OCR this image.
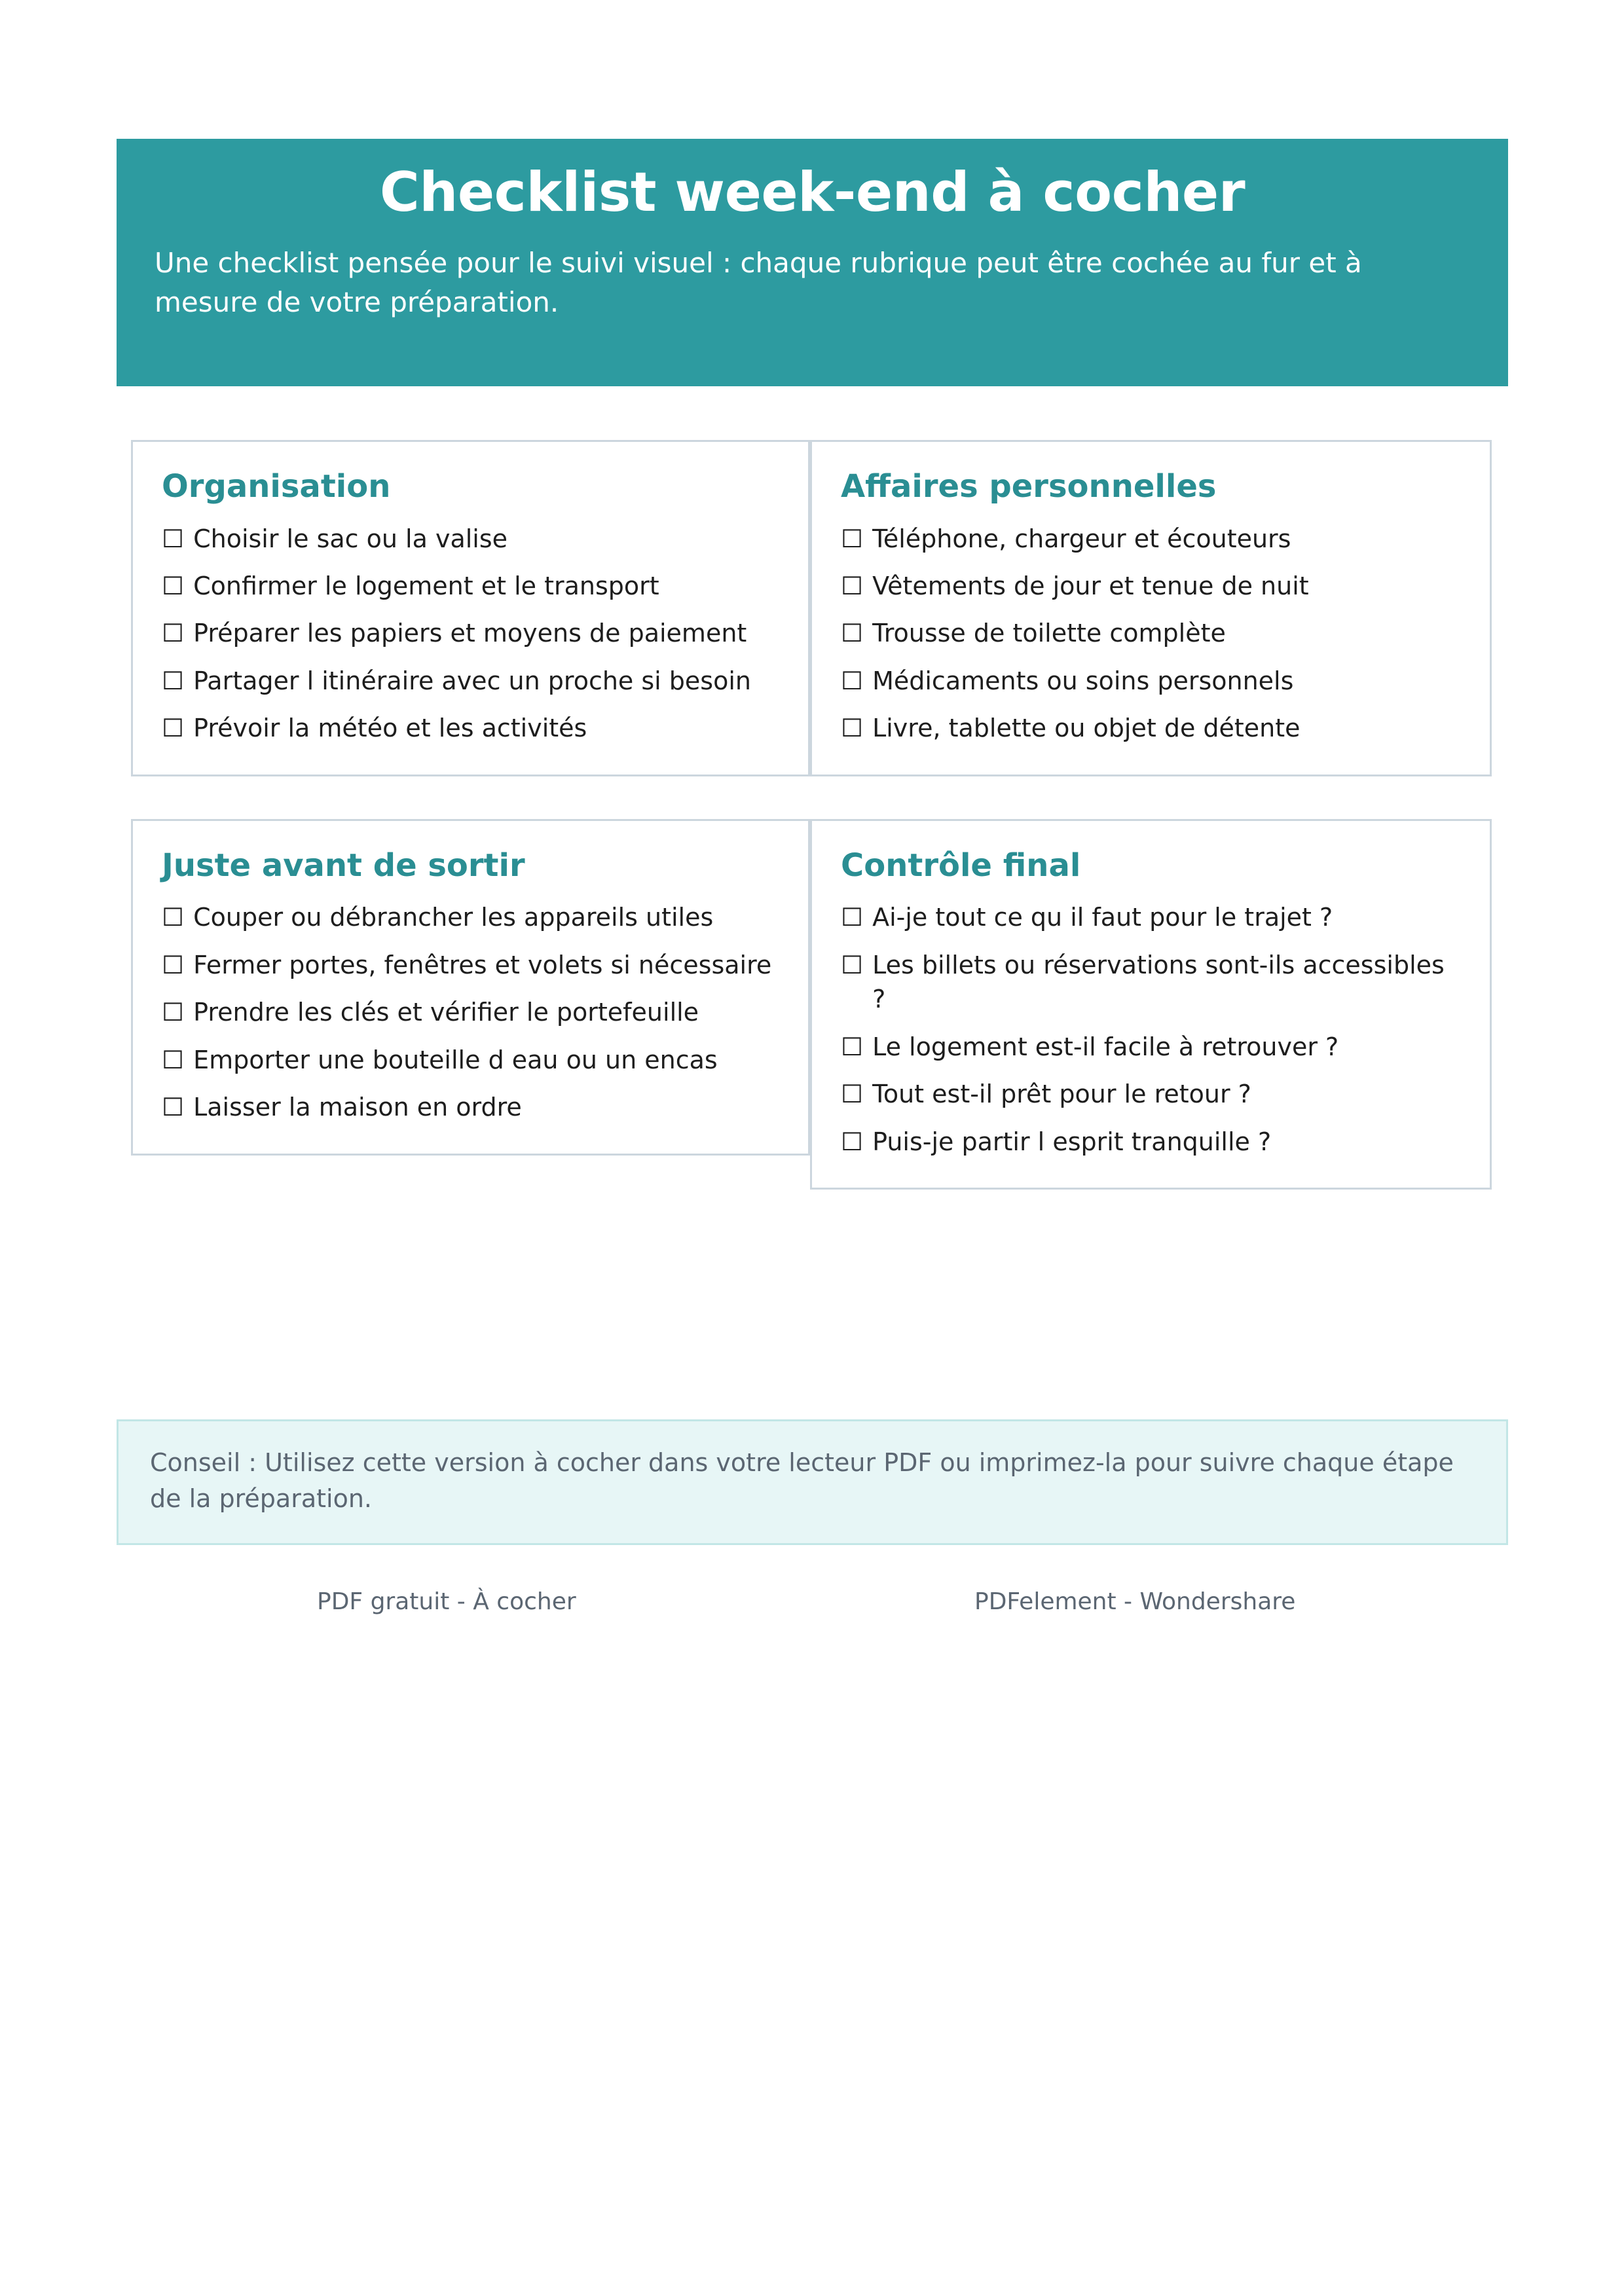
Checklist week-end à cocher

Une checklist pensée pour le suivi visuel : chaque rubrique peut être cochée au fur et à mesure de votre préparation.

Organisation
☐ Choisir le sac ou la valise
☐ Confirmer le logement et le transport
☐ Préparer les papiers et moyens de paiement
☐ Partager l itinéraire avec un proche si besoin
☐ Prévoir la météo et les activités
Affaires personnelles
☐ Téléphone, chargeur et écouteurs
☐ Vêtements de jour et tenue de nuit
☐ Trousse de toilette complète
☐ Médicaments ou soins personnels
☐ Livre, tablette ou objet de détente
Juste avant de sortir
☐ Couper ou débrancher les appareils utiles
☐ Fermer portes, fenêtres et volets si nécessaire
☐ Prendre les clés et vérifier le portefeuille
☐ Emporter une bouteille d eau ou un encas
☐ Laisser la maison en ordre
Contrôle final
☐ Ai-je tout ce qu il faut pour le trajet ?
☐ Les billets ou réservations sont-ils accessibles ?
☐ Le logement est-il facile à retrouver ?
☐ Tout est-il prêt pour le retour ?
☐ Puis-je partir l esprit tranquille ?

Conseil : Utilisez cette version à cocher dans votre lecteur PDF ou imprimez-la pour suivre chaque étape de la préparation.

PDF gratuit - À cocher	PDFelement - Wondershare
